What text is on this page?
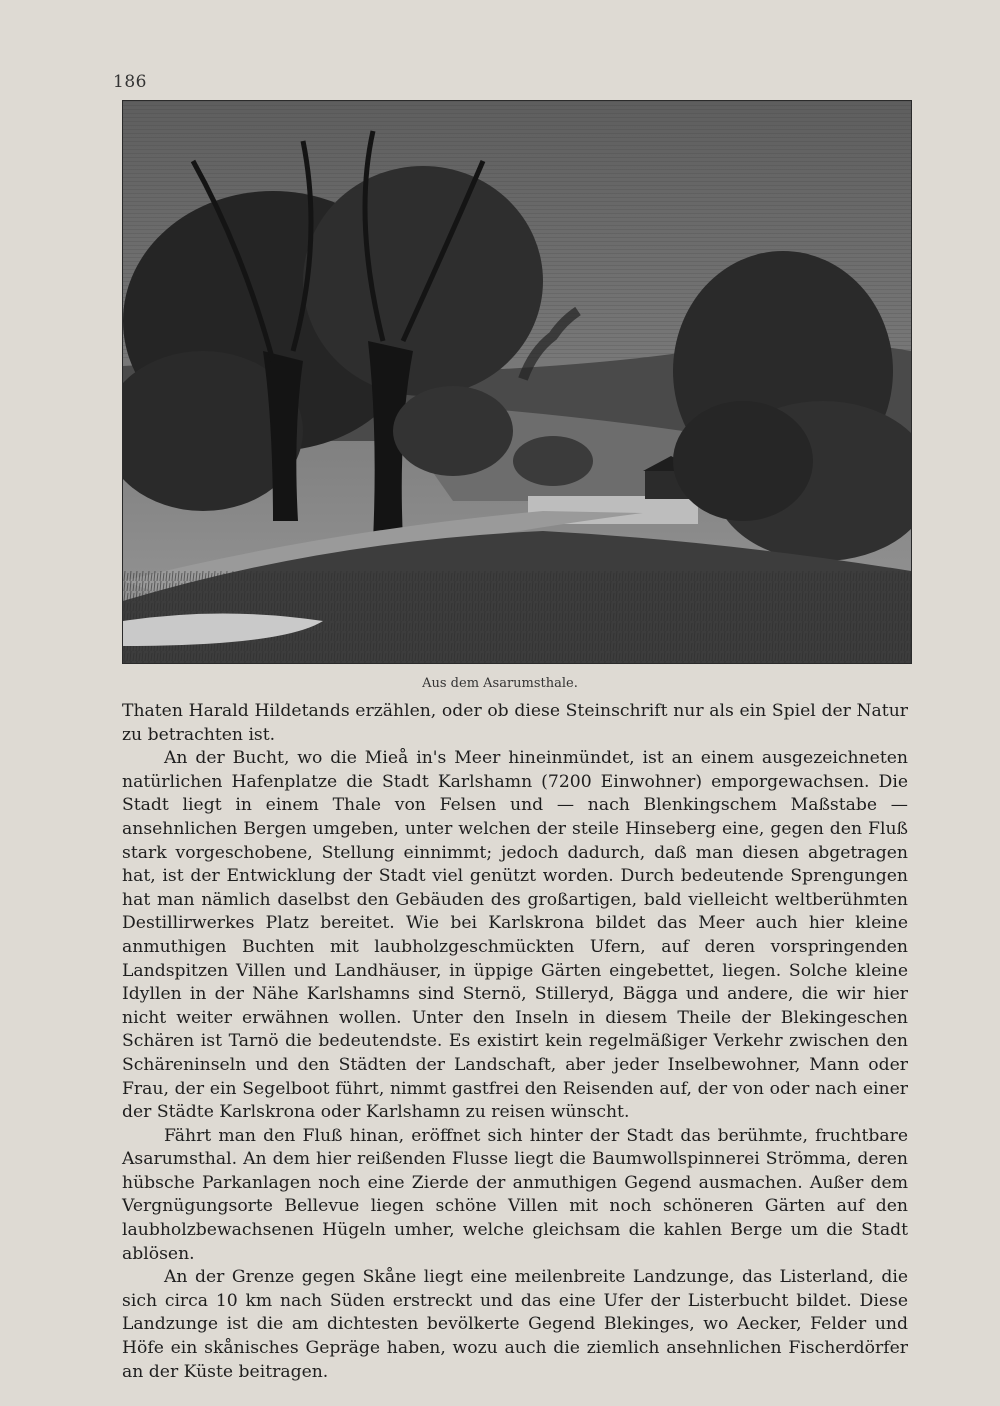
186
Aus dem Asarumsthale.

Thaten Harald Hildetands erzählen, oder ob diese Steinschrift nur als ein Spiel der Natur zu betrachten ist.

An der Bucht, wo die Mieå in's Meer hineinmündet, ist an einem ausgezeichneten natürlichen Hafenplatze die Stadt Karlshamn (7200 Einwohner) emporgewachsen. Die Stadt liegt in einem Thale von Felsen und — nach Blenkingschem Maßstabe — ansehnlichen Bergen umgeben, unter welchen der steile Hinseberg eine, gegen den Fluß stark vorgeschobene, Stellung einnimmt; jedoch dadurch, daß man diesen abgetragen hat, ist der Entwicklung der Stadt viel genützt worden. Durch bedeutende Sprengungen hat man nämlich daselbst den Gebäuden des großartigen, bald vielleicht weltberühmten Destillirwerkes Platz bereitet. Wie bei Karlskrona bildet das Meer auch hier kleine anmuthigen Buchten mit laubholzgeschmückten Ufern, auf deren vorspringenden Landspitzen Villen und Landhäuser, in üppige Gärten eingebettet, liegen. Solche kleine Idyllen in der Nähe Karlshamns sind Sternö, Stilleryd, Bägga und andere, die wir hier nicht weiter erwähnen wollen. Unter den Inseln in diesem Theile der Blekingeschen Schären ist Tarnö die bedeutendste. Es existirt kein regelmäßiger Verkehr zwischen den Schäreninseln und den Städten der Landschaft, aber jeder Inselbewohner, Mann oder Frau, der ein Segelboot führt, nimmt gastfrei den Reisenden auf, der von oder nach einer der Städte Karlskrona oder Karlshamn zu reisen wünscht.

Fährt man den Fluß hinan, eröffnet sich hinter der Stadt das berühmte, fruchtbare Asarumsthal. An dem hier reißenden Flusse liegt die Baumwollspinnerei Strömma, deren hübsche Parkanlagen noch eine Zierde der anmuthigen Gegend ausmachen. Außer dem Vergnügungsorte Bellevue liegen schöne Villen mit noch schöneren Gärten auf den laubholzbewachsenen Hügeln umher, welche gleichsam die kahlen Berge um die Stadt ablösen.

An der Grenze gegen Skåne liegt eine meilenbreite Landzunge, das Listerland, die sich circa 10 km nach Süden erstreckt und das eine Ufer der Listerbucht bildet. Diese Landzunge ist die am dichtesten bevölkerte Gegend Blekinges, wo Aecker, Felder und Höfe ein skånisches Gepräge haben, wozu auch die ziemlich ansehnlichen Fischerdörfer an der Küste beitragen.
